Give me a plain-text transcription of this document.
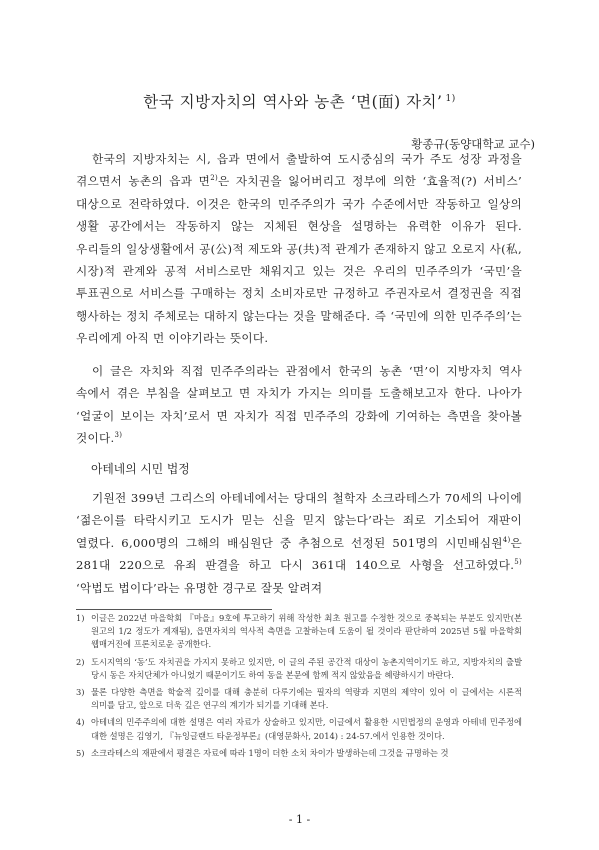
한국 지방자치의 역사와 농촌 ‘면(面) 자치’ $^{1)}$
황종규(동양대학교 교수)

한국의 지방자치는 시, 읍과 면에서 출발하여 도시중심의 국가 주도 성장 과정을 겪으면서 농촌의 읍과 면$^{2)}$은 자치권을 잃어버리고 정부에 의한 ‘효율적(?) 서비스’ 대상으로 전락하였다. 이것은 한국의 민주주의가 국가 수준에서만 작동하고 일상의 생활 공간에서는 작동하지 않는 지체된 현상을 설명하는 유력한 이유가 된다. 우리들의 일상생활에서 공(公)적 제도와 공(共)적 관계가 존재하지 않고 오로지 사(私, 시장)적 관계와 공적 서비스로만 채워지고 있는 것은 우리의 민주주의가 ‘국민’을 투표권으로 서비스를 구매하는 정치 소비자로만 규정하고 주권자로서 결정권을 직접 행사하는 정치 주체로는 대하지 않는다는 것을 말해준다. 즉 ‘국민에 의한 민주주의’는 우리에게 아직 먼 이야기라는 뜻이다.

이 글은 자치와 직접 민주주의라는 관점에서 한국의 농촌 ‘면’이 지방자치 역사 속에서 겪은 부침을 살펴보고 면 자치가 가지는 의미를 도출해보고자 한다. 나아가 ‘얼굴이 보이는 자치’로서 면 자치가 직접 민주주의 강화에 기여하는 측면을 찾아볼 것이다.$^{3)}$

아테네의 시민 법정

기원전 399년 그리스의 아테네에서는 당대의 철학자 소크라테스가 70세의 나이에 ‘젊은이를 타락시키고 도시가 믿는 신을 믿지 않는다’라는 죄로 기소되어 재판이 열렸다. 6,000명의 그해의 배심원단 중 추첨으로 선정된 501명의 시민배심원$^{4)}$은 281대 220으로 유죄 판결을 하고 다시 361대 140으로 사형을 선고하였다.$^{5)}$ ‘악법도 법이다’라는 유명한 경구로 잘못 알려져

1) 이글은 2022년 마을학회 『마을』9호에 투고하기 위해 작성한 최초 원고를 수정한 것으로 중복되는 부분도 있지만(본 원고의 1/2 정도가 게재됨), 읍면자치의 역사적 측면을 고찰하는데 도움이 될 것이라 판단하여 2025년 5월 마을학회 웹매거진에 프론치로운 공개한다.
2) 도시지역의 ‘동’도 자치권을 가지지 못하고 있지만, 이 글의 주된 공간적 대상이 농촌지역이기도 하고, 지방자치의 출발 당시 동은 자치단체가 아니었기 때문이기도 하여 동을 본문에 함께 적지 않았음을 혜량하시기 바란다.
3) 물론 다양한 측면을 학술적 깊이를 대해 충분히 다루기에는 필자의 역량과 지면의 제약이 있어 이 글에서는 시론적 의미를 담고, 앞으로 더욱 깊은 연구의 계기가 되기를 기대해 본다.
4) 아테네의 민주주의에 대한 설명은 여러 자료가 상술하고 있지만, 이글에서 활용한 시민법정의 운영과 아테네 민주정에 대한 설명은 김영기, 『뉴잉글랜드 타운정부론』(대영문화사, 2014) : 24-57.에서 인용한 것이다.
5) 소크라테스의 재판에서 평결은 자료에 따라 1명이 더한 소치 차이가 발생하는데 그것을 규명하는 것
- 1 -
